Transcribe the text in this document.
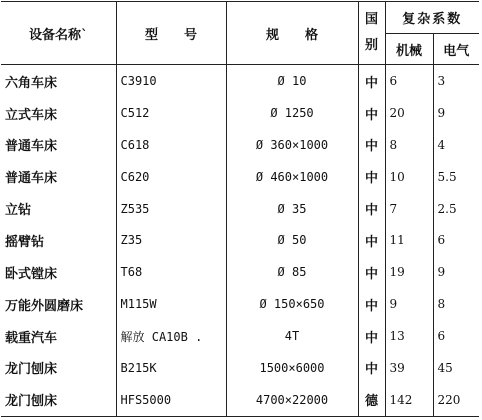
设备名称`	型　　号	规　　格	国别	复杂系数	
				机械	电气
六角车床	C3910	Ø 10	中	6	3
立式车床	C512	Ø 1250	中	20	9
普通车床	C618	Ø 360×1000	中	8	4
普通车床	C620	Ø 460×1000	中	10	5.5
立钻	Z535	Ø 35	中	7	2.5
摇臂钻	Z35	Ø 50	中	11	6
卧式镗床	T68	Ø 85	中	19	9
万能外圆磨床	M115W	Ø 150×650	中	9	8
载重汽车	解放 CA10B .	4T	中	13	6
龙门刨床	B215K	1500×6000	中	39	45
龙门刨床	HFS5000	4700×22000	德	142	220
